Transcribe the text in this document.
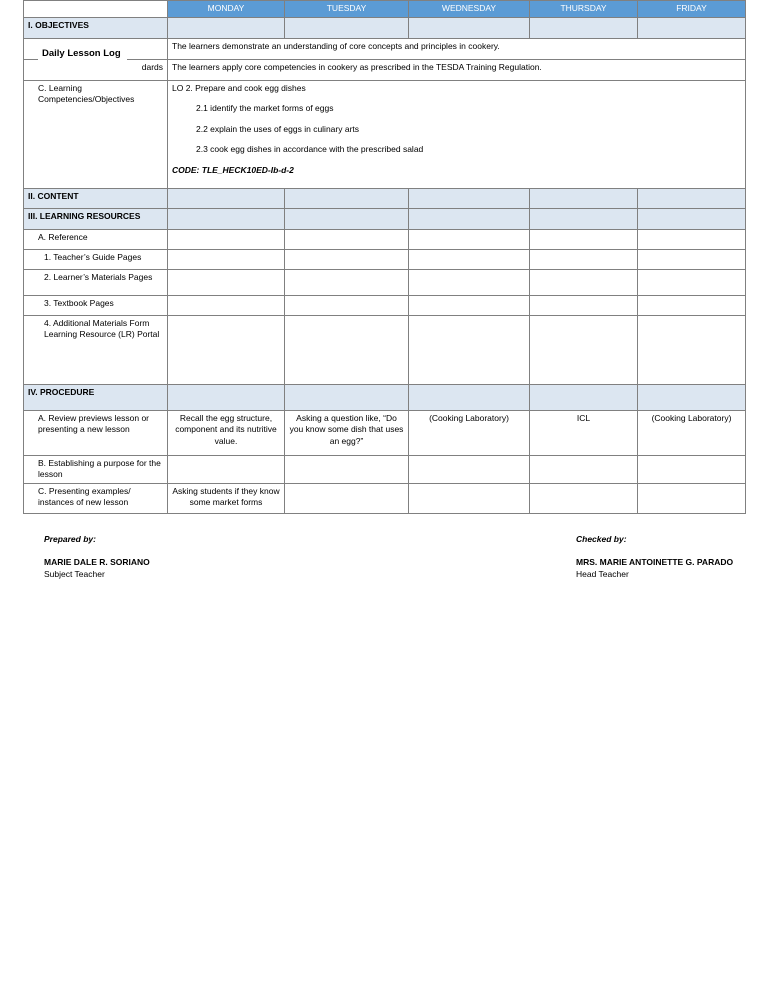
	MONDAY	TUESDAY	WEDNESDAY	THURSDAY	FRIDAY
I. OBJECTIVES					
	The learners demonstrate an understanding of core concepts and principles in cookery.				
dards	The learners apply core competencies in cookery as prescribed in the TESDA Training Regulation.				
C. Learning Competencies/Objectives	LO 2. Prepare and cook egg dishes

2.1 identify the market forms of eggs

2.2 explain the uses of eggs in culinary arts

2.3 cook egg dishes in accordance with the prescribed salad

CODE: TLE_HECK10ED-Ib-d-2				

II. CONTENT					
III. LEARNING RESOURCES					
A. Reference					
1. Teacher’s Guide Pages					
2. Learner’s Materials Pages					
3. Textbook Pages					
4. Additional Materials Form Learning Resource (LR) Portal					
IV. PROCEDURE					
A. Review previews lesson or presenting a new lesson	Recall the egg structure, component and its nutritive value.	Asking a question like, “Do you know some dish that uses an egg?”	(Cooking Laboratory)	ICL	(Cooking Laboratory)
B. Establishing a purpose for the lesson					
C. Presenting examples/ instances of new lesson	Asking students if they know some market forms				
Daily Lesson Log
Prepared by:
MARIE DALE R. SORIANO
Subject Teacher
Checked by:
MRS. MARIE ANTOINETTE G. PARADO
Head Teacher
